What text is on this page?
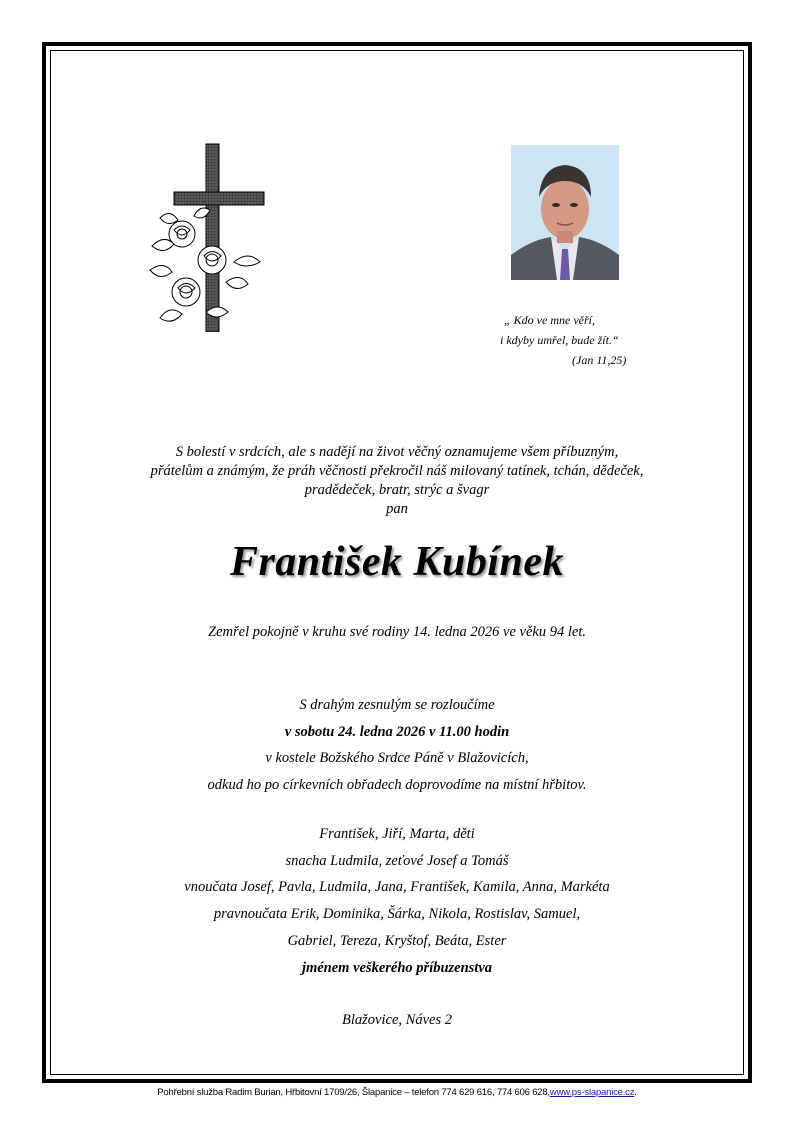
„ Kdo ve mne věří,
i kdyby umřel, bude žít.“
(Jan 11,25)
S bolestí v srdcích, ale s nadějí na život věčný oznamujeme všem příbuzným,
přátelům a známým, že práh věčnosti překročil náš milovaný tatínek, tchán, dědeček,
pradědeček, bratr, strýc a švagr
pan
František Kubínek
Zemřel pokojně v kruhu své rodiny 14. ledna 2026 ve věku 94 let.
S drahým zesnulým se rozloučíme
v sobotu 24. ledna 2026 v 11.00 hodin
v kostele Božského Srdce Páně v Blažovicích,
odkud ho po církevních obřadech doprovodíme na místní hřbitov.
František, Jiří, Marta, děti
snacha Ludmila, zeťové Josef a Tomáš
vnoučata Josef, Pavla, Ludmila, Jana, František, Kamila, Anna, Markéta
pravnoučata Erik, Dominika, Šárka, Nikola, Rostislav, Samuel,
Gabriel, Tereza, Kryštof, Beáta, Ester
jménem veškerého příbuzenstva
Blažovice, Náves 2
Pohřební služba Radim Burian, Hřbitovní 1709/26, Šlapanice – telefon 774 629 616, 774 606 628,www.ps-slapanice.cz.
